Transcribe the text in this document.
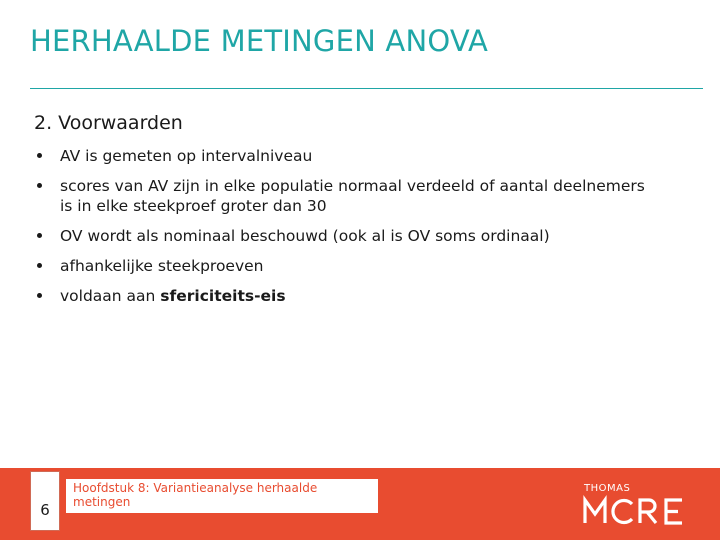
HERHAALDE METINGEN ANOVA
2. Voorwaarden
AV is gemeten op intervalniveau
scores van AV zijn in elke populatie normaal verdeeld of aantal deelnemers is in elke steekproef groter dan 30
OV wordt als nominaal beschouwd (ook al is OV soms ordinaal)
afhankelijke steekproeven
voldaan aan sfericiteits-eis
6
Hoofdstuk 8: Variantieanalyse herhaalde metingen
THOMAS
